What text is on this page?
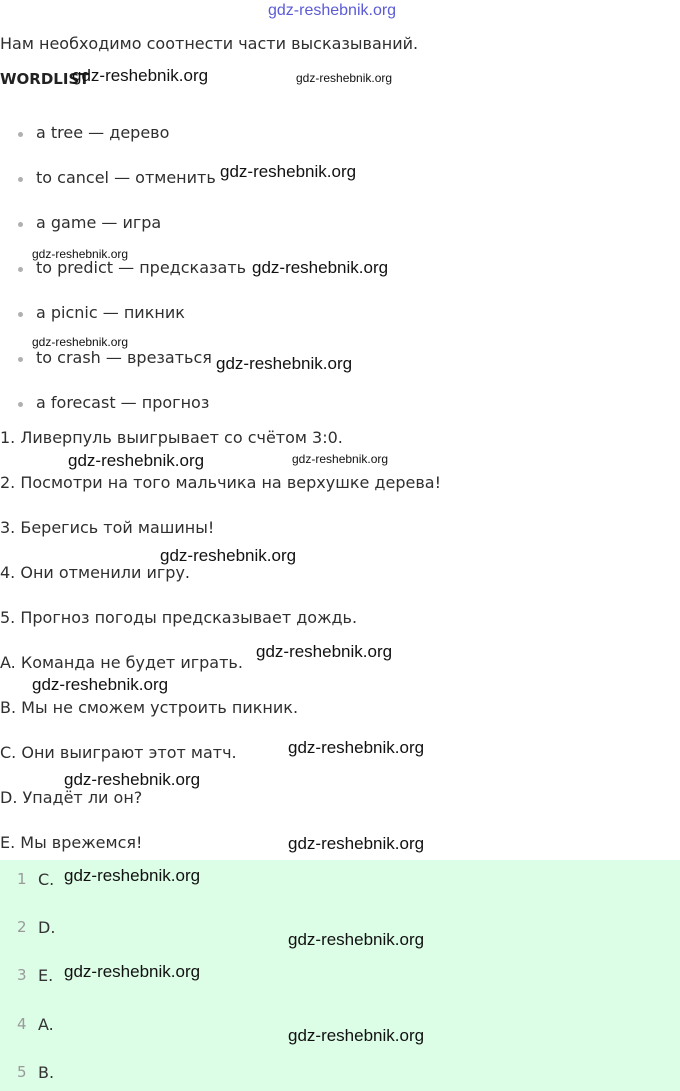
gdz-reshebnik.org
Нам необходимо соотнести части высказываний.
WORDLIST
a tree — дерево
to cancel — отменить
a game — игра
to predict — предсказать
a picnic — пикник
to crash — врезаться
a forecast — прогноз
1. Ливерпуль выигрывает со счётом 3:0.
2. Посмотри на того мальчика на верхушке дерева!
3. Берегись той машины!
4. Они отменили игру.
5. Прогноз погоды предсказывает дождь.
A. Команда не будет играть.
B. Мы не сможем устроить пикник.
C. Они выиграют этот матч.
D. Упадёт ли он?
E. Мы врежемся!
1 C.
2 D.
3 E.
4 A.
5 B.
gdz-reshebnik.org	gdz-reshebnik.org
gdz-reshebnik.org
gdz-reshebnik.org
gdz-reshebnik.org
gdz-reshebnik.org
gdz-reshebnik.org
gdz-reshebnik.org	gdz-reshebnik.org
gdz-reshebnik.org
gdz-reshebnik.org
gdz-reshebnik.org
gdz-reshebnik.org
gdz-reshebnik.org
gdz-reshebnik.org
gdz-reshebnik.org
gdz-reshebnik.org
gdz-reshebnik.org
gdz-reshebnik.org
